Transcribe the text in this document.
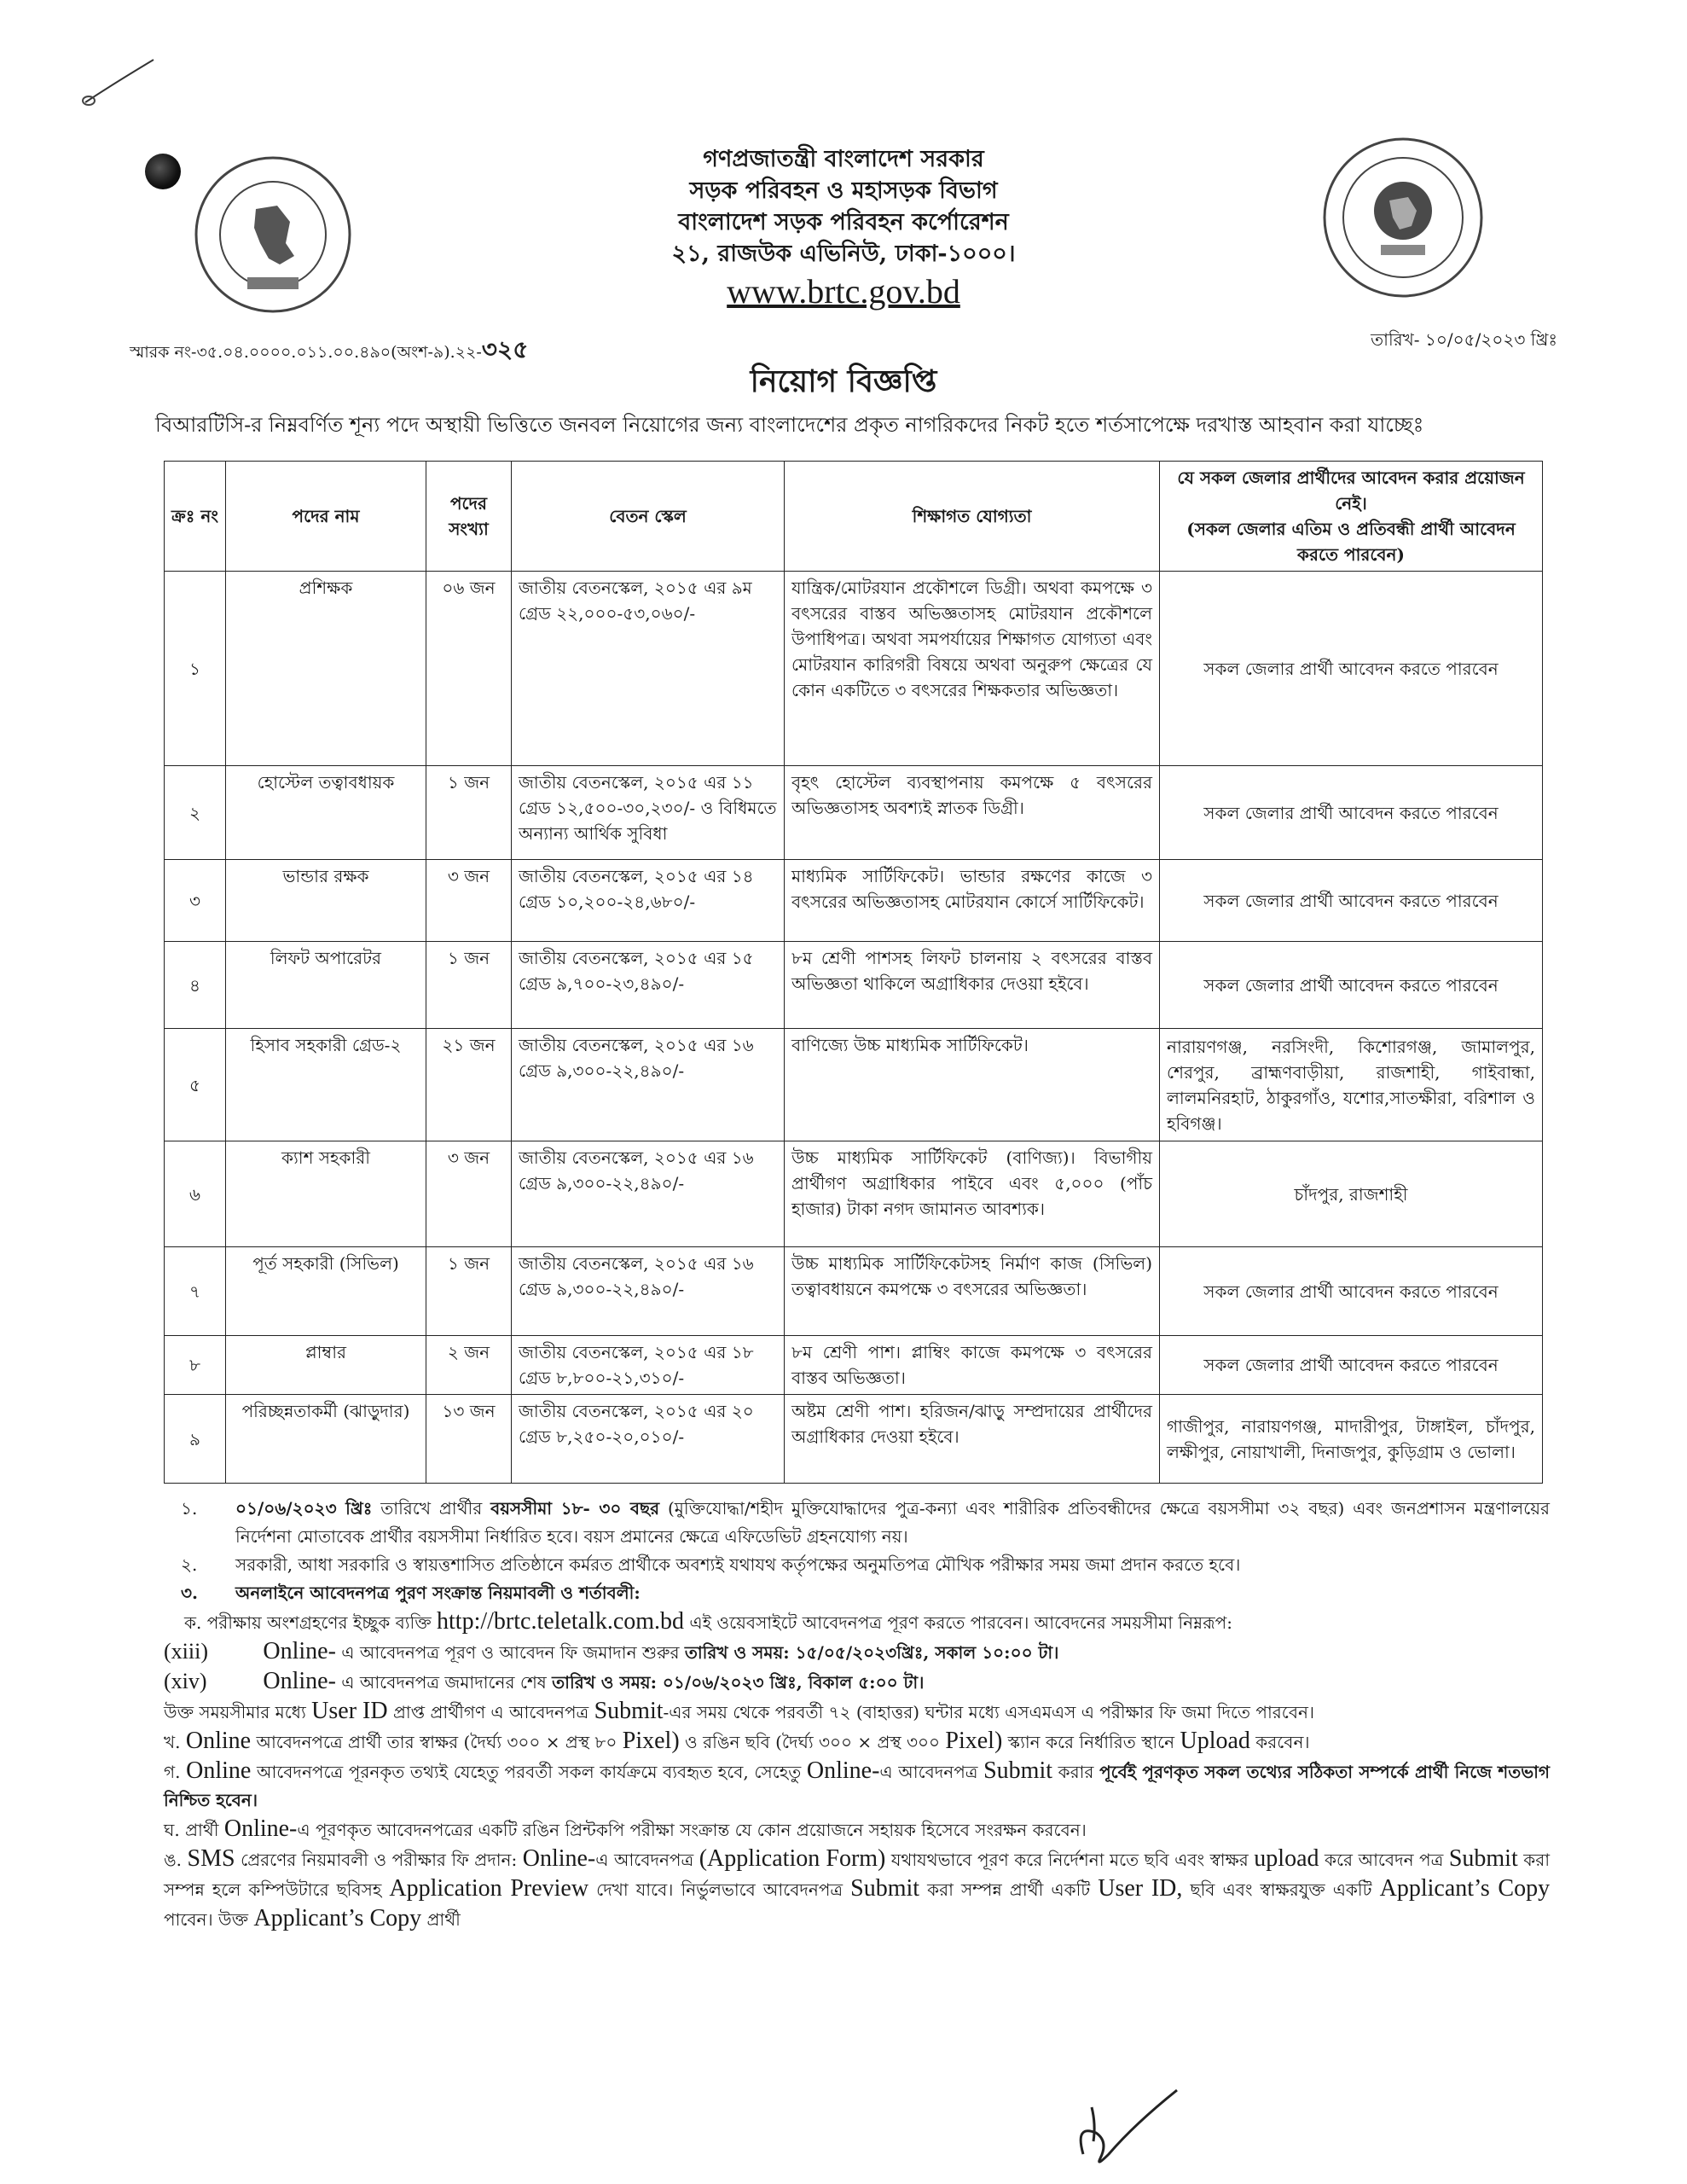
গণপ্রজাতন্ত্রী বাংলাদেশ সরকার
সড়ক পরিবহন ও মহাসড়ক বিভাগ
বাংলাদেশ সড়ক পরিবহন কর্পোরেশন
২১, রাজউক এভিনিউ, ঢাকা-১০০০।
www.brtc.gov.bd
স্মারক নং-৩৫.০৪.০০০০.০১১.০০.৪৯০(অংশ-৯).২২-৩২৫	তারিখ- ১০/০৫/২০২৩ খ্রিঃ
নিয়োগ বিজ্ঞপ্তি
বিআরটিসি-র নিম্নবর্ণিত শূন্য পদে অস্থায়ী ভিত্তিতে জনবল নিয়োগের জন্য বাংলাদেশের প্রকৃত নাগরিকদের নিকট হতে শর্তসাপেক্ষে দরখাস্ত আহবান করা যাচ্ছেঃ
ক্রঃ নং	পদের নাম	পদের সংখ্যা	বেতন স্কেল	শিক্ষাগত যোগ্যতা	যে সকল জেলার প্রার্থীদের আবেদন করার প্রয়োজন নেই।
(সকল জেলার এতিম ও প্রতিবন্ধী প্রার্থী আবেদন করতে পারবেন)

১	প্রশিক্ষক	০৬ জন	জাতীয় বেতনস্কেল, ২০১৫ এর ৯ম গ্রেড ২২,০০০-৫৩,০৬০/-	যান্ত্রিক/মোটরযান প্রকৌশলে ডিগ্রী। অথবা কমপক্ষে ৩ বৎসরের বাস্তব অভিজ্ঞতাসহ মোটরযান প্রকৌশলে উপাধিপত্র। অথবা সমপর্যায়ের শিক্ষাগত যোগ্যতা এবং মোটরযান কারিগরী বিষয়ে অথবা অনুরুপ ক্ষেত্রের যে কোন একটিতে ৩ বৎসরের শিক্ষকতার অভিজ্ঞতা।	সকল জেলার প্রার্থী আবেদন করতে পারবেন
২	হোস্টেল তত্বাবধায়ক	১ জন	জাতীয় বেতনস্কেল, ২০১৫ এর ১১ গ্রেড ১২,৫০০-৩০,২৩০/- ও বিধিমতে অন্যান্য আর্থিক সুবিধা	বৃহৎ হোস্টেল ব্যবস্থাপনায় কমপক্ষে ৫ বৎসরের অভিজ্ঞতাসহ অবশ্যই স্নাতক ডিগ্রী।	সকল জেলার প্রার্থী আবেদন করতে পারবেন
৩	ভান্ডার রক্ষক	৩ জন	জাতীয় বেতনস্কেল, ২০১৫ এর ১৪ গ্রেড ১০,২০০-২৪,৬৮০/-	মাধ্যমিক সার্টিফিকেট। ভান্ডার রক্ষণের কাজে ৩ বৎসরের অভিজ্ঞতাসহ মোটরযান কোর্সে সার্টিফিকেট।	সকল জেলার প্রার্থী আবেদন করতে পারবেন
৪	লিফট অপারেটর	১ জন	জাতীয় বেতনস্কেল, ২০১৫ এর ১৫ গ্রেড ৯,৭০০-২৩,৪৯০/-	৮ম শ্রেণী পাশসহ লিফট চালনায় ২ বৎসরের বাস্তব অভিজ্ঞতা থাকিলে অগ্রাধিকার দেওয়া হইবে।	সকল জেলার প্রার্থী আবেদন করতে পারবেন
৫	হিসাব সহকারী গ্রেড-২	২১ জন	জাতীয় বেতনস্কেল, ২০১৫ এর ১৬ গ্রেড ৯,৩০০-২২,৪৯০/-	বাণিজ্যে উচ্চ মাধ্যমিক সার্টিফিকেট।	নারায়ণগঞ্জ, নরসিংদী, কিশোরগঞ্জ, জামালপুর, শেরপুর, ব্রাহ্মণবাড়ীয়া, রাজশাহী, গাইবান্ধা, লালমনিরহাট, ঠাকুরগাঁও, যশোর,সাতক্ষীরা, বরিশাল ও হবিগঞ্জ।
৬	ক্যাশ সহকারী	৩ জন	জাতীয় বেতনস্কেল, ২০১৫ এর ১৬ গ্রেড ৯,৩০০-২২,৪৯০/-	উচ্চ মাধ্যমিক সার্টিফিকেট (বাণিজ্য)। বিভাগীয় প্রার্থীগণ অগ্রাধিকার পাইবে এবং ৫,০০০ (পাঁচ হাজার) টাকা নগদ জামানত আবশ্যক।	চাঁদপুর, রাজশাহী
৭	পূর্ত সহকারী (সিভিল)	১ জন	জাতীয় বেতনস্কেল, ২০১৫ এর ১৬ গ্রেড ৯,৩০০-২২,৪৯০/-	উচ্চ মাধ্যমিক সার্টিফিকেটসহ নির্মাণ কাজ (সিভিল) তত্বাবধায়নে কমপক্ষে ৩ বৎসরের অভিজ্ঞতা।	সকল জেলার প্রার্থী আবেদন করতে পারবেন
৮	প্লাম্বার	২ জন	জাতীয় বেতনস্কেল, ২০১৫ এর ১৮ গ্রেড ৮,৮০০-২১,৩১০/-	৮ম শ্রেণী পাশ। প্লাম্বিং কাজে কমপক্ষে ৩ বৎসরের বাস্তব অভিজ্ঞতা।	সকল জেলার প্রার্থী আবেদন করতে পারবেন
৯	পরিচ্ছন্নতাকর্মী (ঝাড়ুদার)	১৩ জন	জাতীয় বেতনস্কেল, ২০১৫ এর ২০ গ্রেড ৮,২৫০-২০,০১০/-	অষ্টম শ্রেণী পাশ। হরিজন/ঝাড়ু সম্প্রদায়ের প্রার্থীদের অগ্রাধিকার দেওয়া হইবে।	গাজীপুর, নারায়ণগঞ্জ, মাদারীপুর, টাঙ্গাইল, চাঁদপুর, লক্ষীপুর, নোয়াখালী, দিনাজপুর, কুড়িগ্রাম ও ভোলা।
১. ০১/০৬/২০২৩ খ্রিঃ তারিখে প্রার্থীর বয়সসীমা ১৮- ৩০ বছর (মুক্তিযোদ্ধা/শহীদ মুক্তিযোদ্ধাদের পুত্র-কন্যা এবং শারীরিক প্রতিবন্ধীদের ক্ষেত্রে বয়সসীমা ৩২ বছর) এবং জনপ্রশাসন মন্ত্রণালয়ের নির্দেশনা মোতাবেক প্রার্থীর বয়সসীমা নির্ধারিত হবে। বয়স প্রমানের ক্ষেত্রে এফিডেভিট গ্রহনযোগ্য নয়।
২. সরকারী, আধা সরকারি ও স্বায়ত্তশাসিত প্রতিষ্ঠানে কর্মরত প্রার্থীকে অবশ্যই যথাযথ কর্তৃপক্ষের অনুমতিপত্র মৌখিক পরীক্ষার সময় জমা প্রদান করতে হবে।
৩. অনলাইনে আবেদনপত্র পুরণ সংক্রান্ত নিয়মাবলী ও শর্তাবলী:
ক. পরীক্ষায় অংশগ্রহণের ইচ্ছুক ব্যক্তি http://brtc.teletalk.com.bd এই ওয়েবসাইটে আবেদনপত্র পূরণ করতে পারবেন। আবেদনের সময়সীমা নিম্নরূপ:
(xiii) Online- এ আবেদনপত্র পূরণ ও আবেদন ফি জমাদান শুরুর তারিখ ও সময়: ১৫/০৫/২০২৩খ্রিঃ, সকাল ১০:০০ টা।
(xiv) Online- এ আবেদনপত্র জমাদানের শেষ তারিখ ও সময়: ০১/০৬/২০২৩ খ্রিঃ, বিকাল ৫:০০ টা।
উক্ত সময়সীমার মধ্যে User ID প্রাপ্ত প্রার্থীগণ এ আবেদনপত্র Submit-এর সময় থেকে পরবর্তী ৭২ (বাহাত্তর) ঘন্টার মধ্যে এসএমএস এ পরীক্ষার ফি জমা দিতে পারবেন।
খ. Online আবেদনপত্রে প্রার্থী তার স্বাক্ষর (দৈর্ঘ্য ৩০০ × প্রস্থ ৮০ Pixel) ও রঙিন ছবি (দৈর্ঘ্য ৩০০ × প্রস্থ ৩০০ Pixel) স্ক্যান করে নির্ধারিত স্থানে Upload করবেন।
গ. Online আবেদনপত্রে পূরনকৃত তথ্যই যেহেতু পরবর্তী সকল কার্যক্রমে ব্যবহৃত হবে, সেহেতু Online-এ আবেদনপত্র Submit করার পূর্বেই পূরণকৃত সকল তথ্যের সঠিকতা সম্পর্কে প্রার্থী নিজে শতভাগ নিশ্চিত হবেন।
ঘ. প্রার্থী Online-এ পূরণকৃত আবেদনপত্রের একটি রঙিন প্রিন্টকপি পরীক্ষা সংক্রান্ত যে কোন প্রয়োজনে সহায়ক হিসেবে সংরক্ষন করবেন।
ঙ. SMS প্রেরণের নিয়মাবলী ও পরীক্ষার ফি প্রদান: Online-এ আবেদনপত্র (Application Form) যথাযথভাবে পূরণ করে নির্দেশনা মতে ছবি এবং স্বাক্ষর upload করে আবেদন পত্র Submit করা সম্পন্ন হলে কম্পিউটারে ছবিসহ Application Preview দেখা যাবে। নির্ভুলভাবে আবেদনপত্র Submit করা সম্পন্ন প্রার্থী একটি User ID, ছবি এবং স্বাক্ষরযুক্ত একটি Applicant’s Copy পাবেন। উক্ত Applicant’s Copy প্রার্থী
